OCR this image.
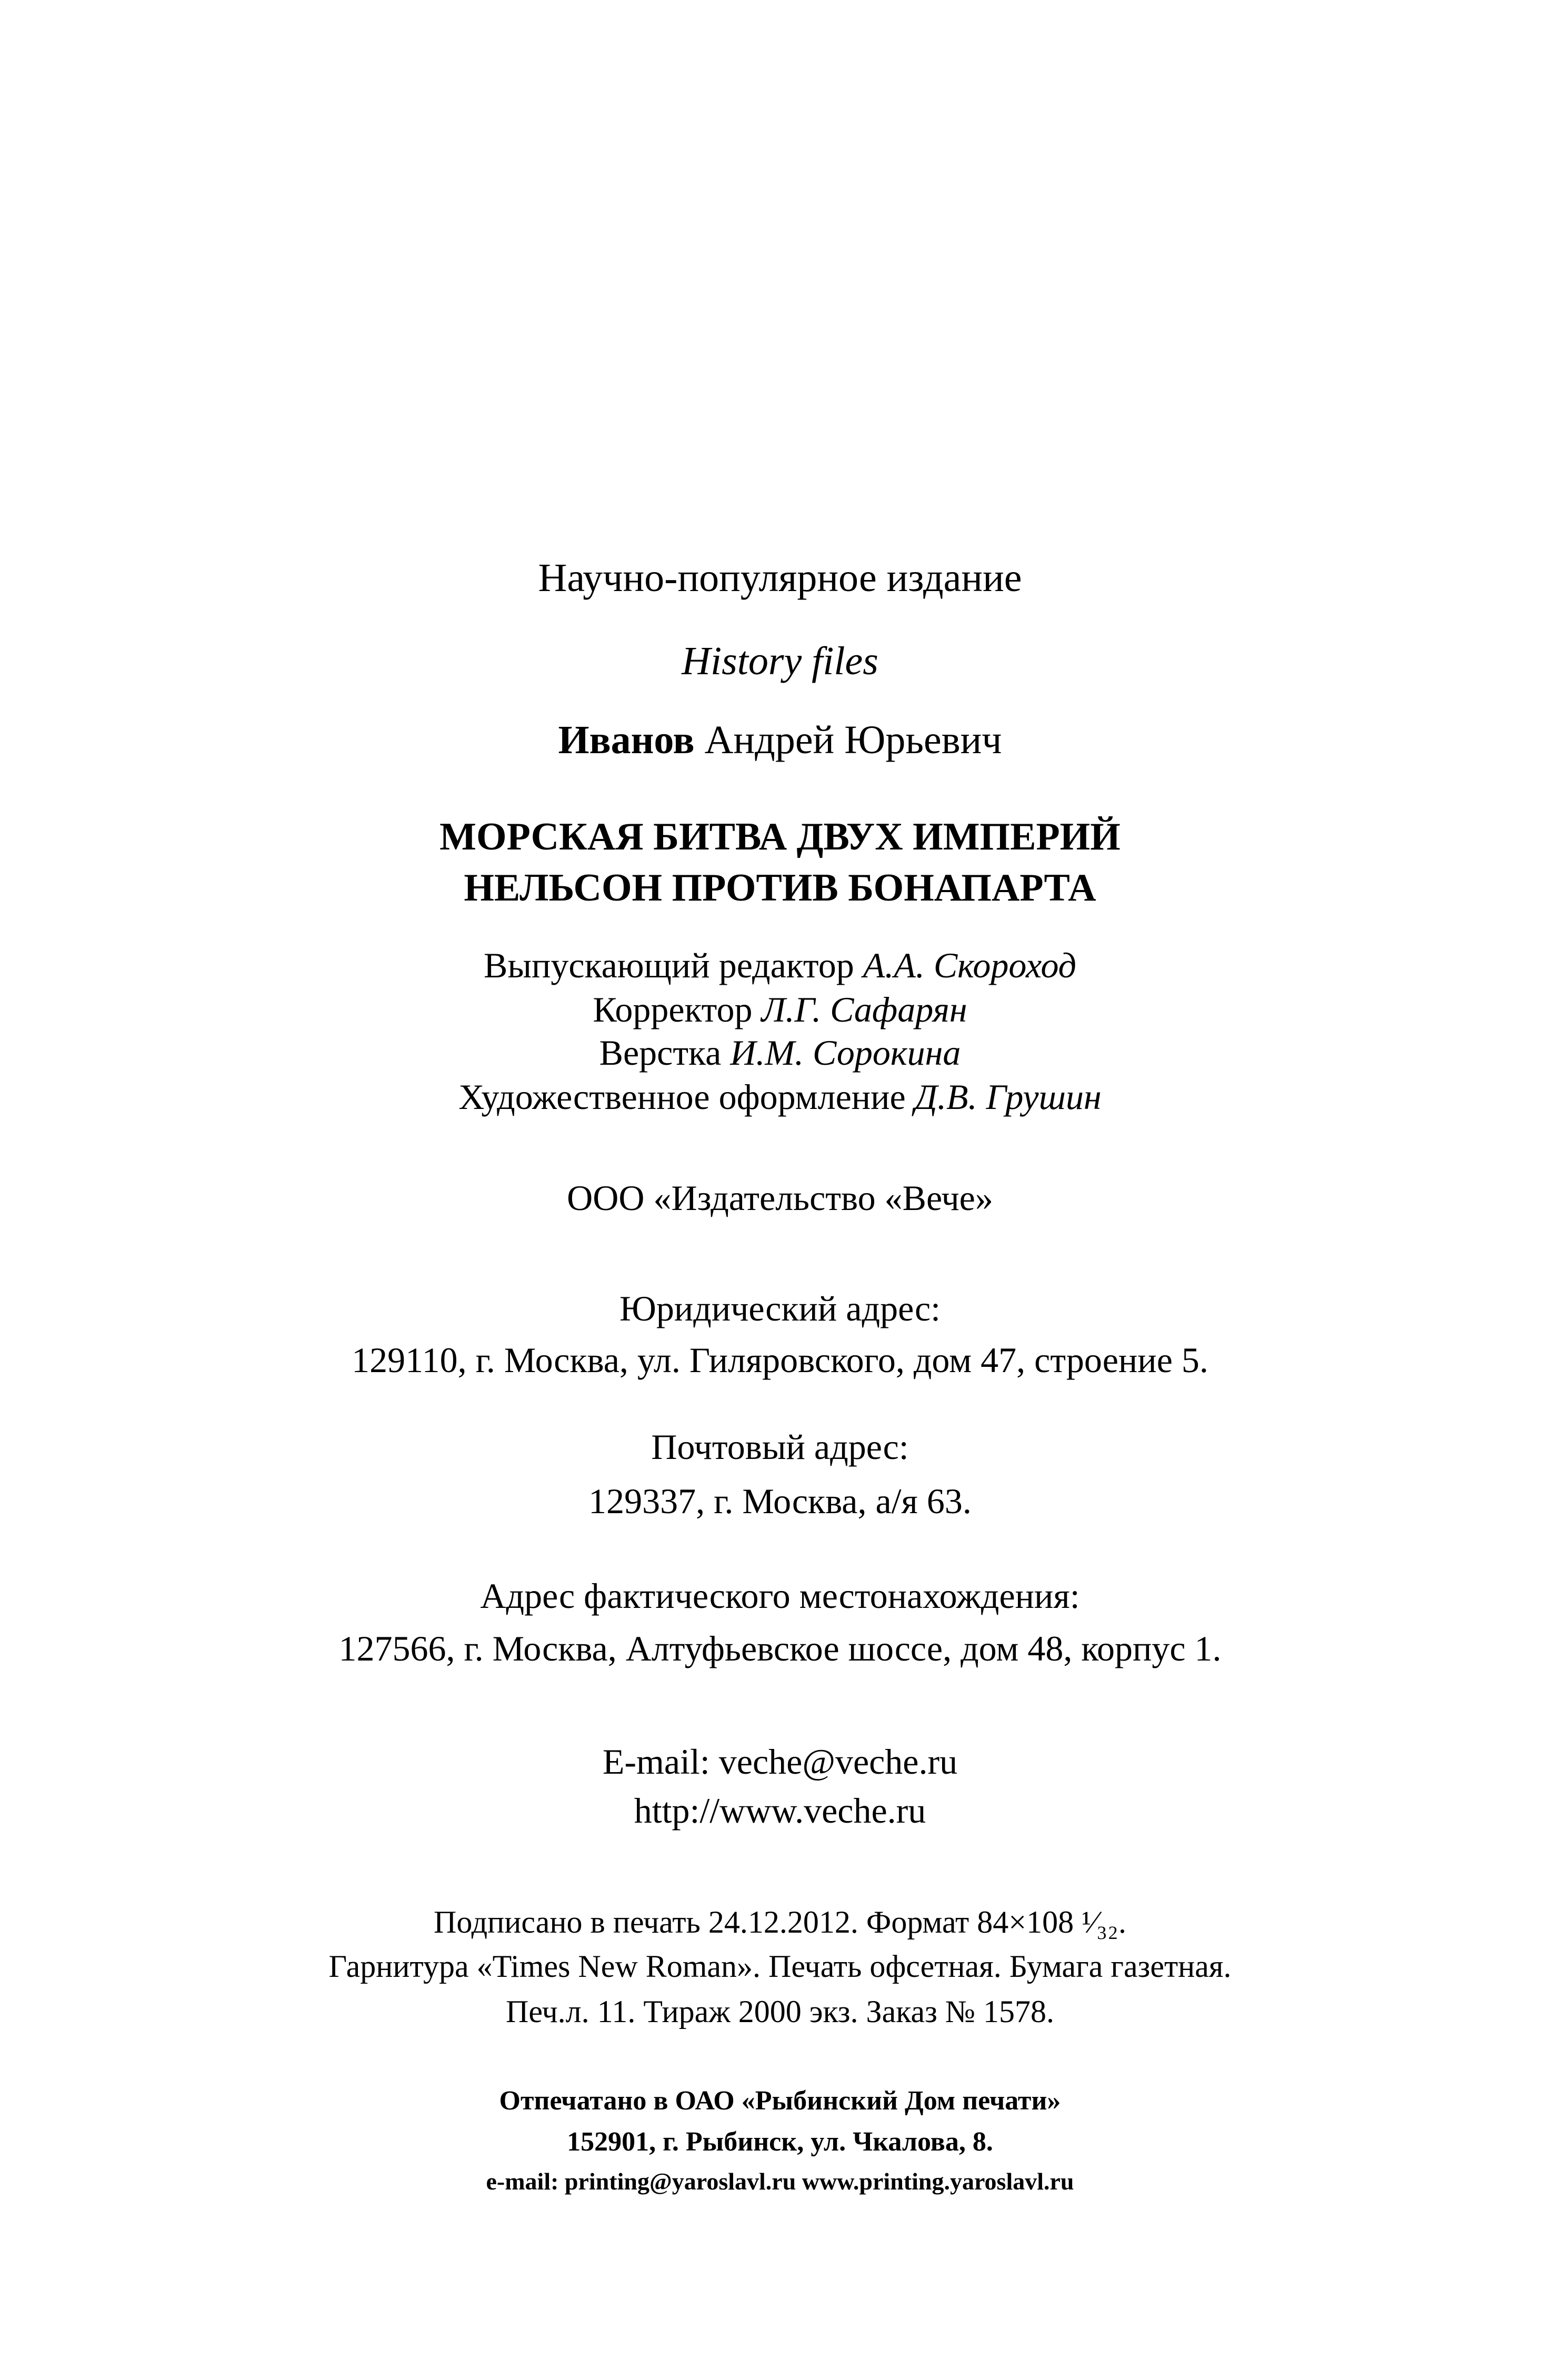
Научно-популярное издание
History files
Иванов Андрей Юрьевич
МОРСКАЯ БИТВА ДВУХ ИМПЕРИЙ
НЕЛЬСОН ПРОТИВ БОНАПАРТА
Выпускающий редактор А.А. Скороход
Корректор Л.Г. Сафарян
Верстка И.М. Сорокина
Художественное оформление Д.В. Грушин
ООО «Издательство «Вече»
Юридический адрес:
129110, г. Москва, ул. Гиляровского, дом 47, строение 5.
Почтовый адрес:
129337, г. Москва, а/я 63.
Адрес фактического местонахождения:
127566, г. Москва, Алтуфьевское шоссе, дом 48, корпус 1.
E-mail: veche@veche.ru
http://www.veche.ru
Подписано в печать 24.12.2012. Формат 84×108 ¹⁄₃₂.
Гарнитура «Times New Roman». Печать офсетная. Бумага газетная.
Печ.л. 11. Тираж 2000 экз. Заказ № 1578.
Отпечатано в ОАО «Рыбинский Дом печати»
152901, г. Рыбинск, ул. Чкалова, 8.
e-mail: printing@yaroslavl.ru www.printing.yaroslavl.ru
